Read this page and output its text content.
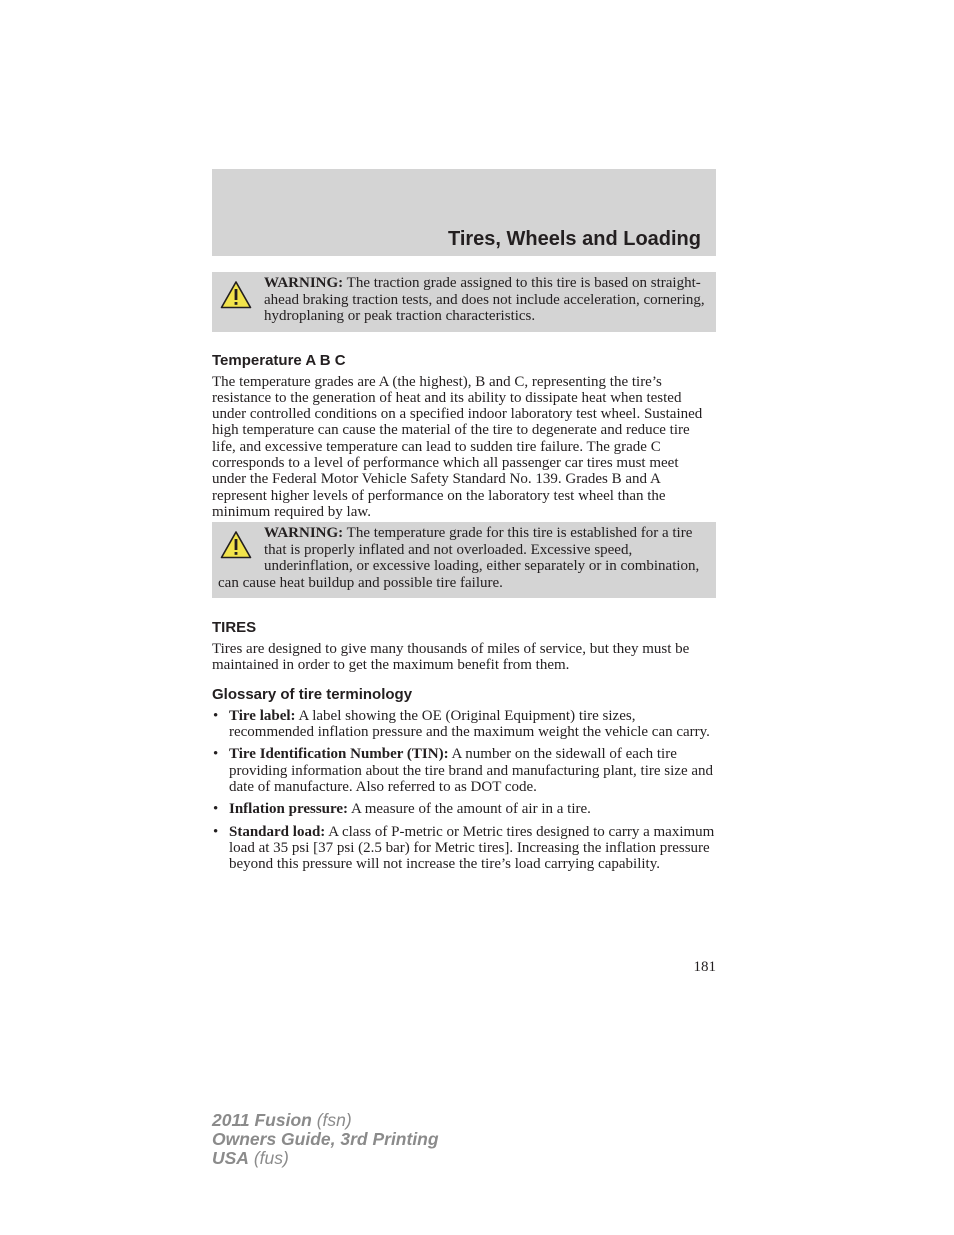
Tires, Wheels and Loading

WARNING: The traction grade assigned to this tire is based on straight-ahead braking traction tests, and does not include acceleration, cornering, hydroplaning or peak traction characteristics.

Temperature A B C

The temperature grades are A (the highest), B and C, representing the tire’s resistance to the generation of heat and its ability to dissipate heat when tested under controlled conditions on a specified indoor laboratory test wheel. Sustained high temperature can cause the material of the tire to degenerate and reduce tire life, and excessive temperature can lead to sudden tire failure. The grade C corresponds to a level of performance which all passenger car tires must meet under the Federal Motor Vehicle Safety Standard No. 139. Grades B and A represent higher levels of performance on the laboratory test wheel than the minimum required by law.

WARNING: The temperature grade for this tire is established for a tire that is properly inflated and not overloaded. Excessive speed, underinflation, or excessive loading, either separately or in combination, can cause heat buildup and possible tire failure.

TIRES

Tires are designed to give many thousands of miles of service, but they must be maintained in order to get the maximum benefit from them.

Glossary of tire terminology
• Tire label: A label showing the OE (Original Equipment) tire sizes, recommended inflation pressure and the maximum weight the vehicle can carry.
• Tire Identification Number (TIN): A number on the sidewall of each tire providing information about the tire brand and manufacturing plant, tire size and date of manufacture. Also referred to as DOT code.
• Inflation pressure: A measure of the amount of air in a tire.
• Standard load: A class of P-metric or Metric tires designed to carry a maximum load at 35 psi [37 psi (2.5 bar) for Metric tires]. Increasing the inflation pressure beyond this pressure will not increase the tire’s load carrying capability.
181
2011 Fusion (fsn)
Owners Guide, 3rd Printing
USA (fus)
